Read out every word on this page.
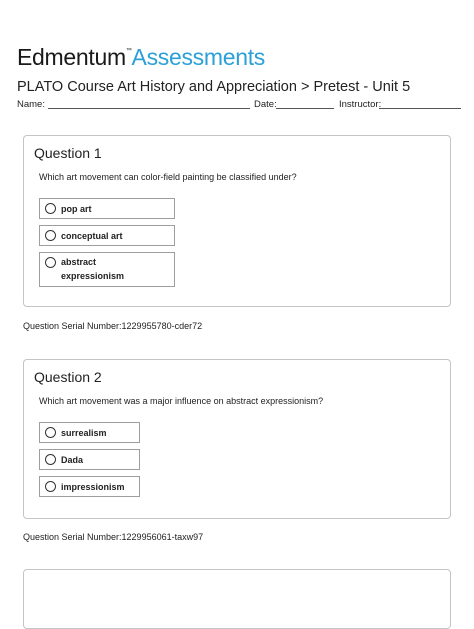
Edmentum™Assessments
PLATO Course Art History and Appreciation > Pretest - Unit 5
Name:	Date:	Instructor:
Question 1
Which art movement can color-field painting be classified under?
pop art
conceptual art
abstract expressionism
Question Serial Number:1229955780-cder72
Question 2
Which art movement was a major influence on abstract expressionism?
surrealism
Dada
impressionism
Question Serial Number:1229956061-taxw97
